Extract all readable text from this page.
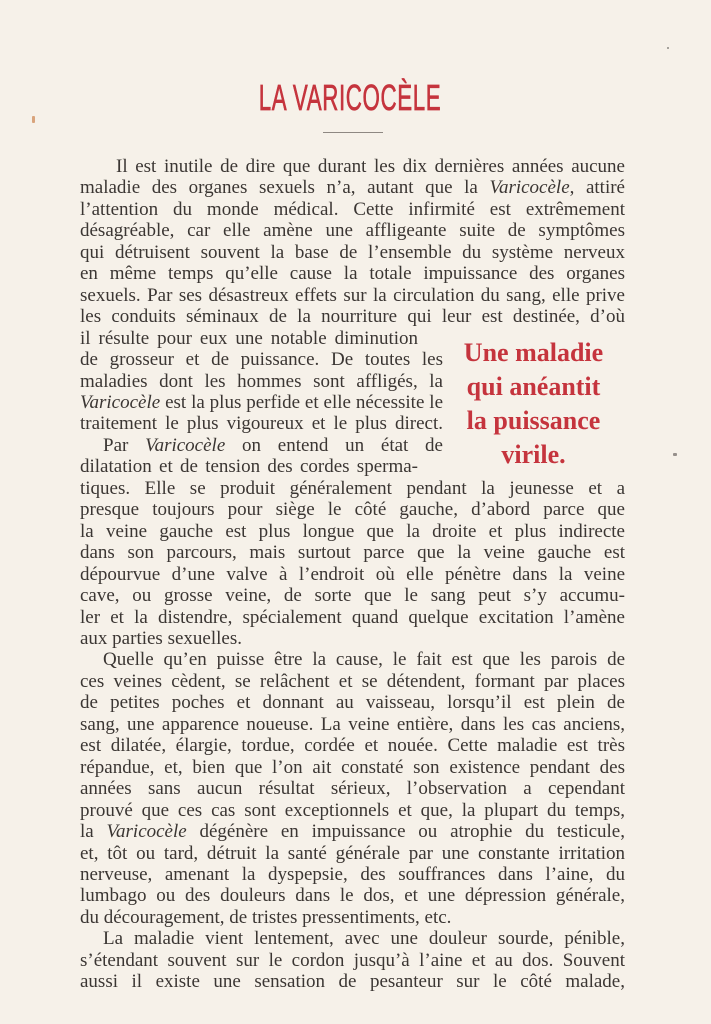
LA VARICOCÈLE
Il est inutile de dire que durant les dix dernières années aucune
maladie des organes sexuels n’a, autant que la Varicocèle, attiré
l’attention du monde médical. Cette infirmité est extrêmement
désagréable, car elle amène une affligeante suite de symptômes
qui détruisent souvent la base de l’ensemble du système nerveux
en même temps qu’elle cause la totale impuissance des organes
sexuels. Par ses désastreux effets sur la circulation du sang, elle prive
les conduits séminaux de la nourriture qui leur est destinée, d’où
il résulte pour eux une notable diminution
de grosseur et de puissance. De toutes les
maladies dont les hommes sont affligés, la
Varicocèle est la plus perfide et elle nécessite le
traitement le plus vigoureux et le plus direct.
Par Varicocèle on entend un état de
dilatation et de tension des cordes sperma-
tiques. Elle se produit généralement pendant la jeunesse et a
presque toujours pour siège le côté gauche, d’abord parce que
la veine gauche est plus longue que la droite et plus indirecte
dans son parcours, mais surtout parce que la veine gauche est
dépourvue d’une valve à l’endroit où elle pénètre dans la veine
cave, ou grosse veine, de sorte que le sang peut s’y accumu-
ler et la distendre, spécialement quand quelque excitation l’amène
aux parties sexuelles.
Quelle qu’en puisse être la cause, le fait est que les parois de
ces veines cèdent, se relâchent et se détendent, formant par places
de petites poches et donnant au vaisseau, lorsqu’il est plein de
sang, une apparence noueuse. La veine entière, dans les cas anciens,
est dilatée, élargie, tordue, cordée et nouée. Cette maladie est très
répandue, et, bien que l’on ait constaté son existence pendant des
années sans aucun résultat sérieux, l’observation a cependant
prouvé que ces cas sont exceptionnels et que, la plupart du temps,
la Varicocèle dégénère en impuissance ou atrophie du testicule,
et, tôt ou tard, détruit la santé générale par une constante irritation
nerveuse, amenant la dyspepsie, des souffrances dans l’aine, du
lumbago ou des douleurs dans le dos, et une dépression générale,
du découragement, de tristes pressentiments, etc.
La maladie vient lentement, avec une douleur sourde, pénible,
s’étendant souvent sur le cordon jusqu’à l’aine et au dos. Souvent
aussi il existe une sensation de pesanteur sur le côté malade,
Une maladie
qui anéantit
la puissance
virile.
